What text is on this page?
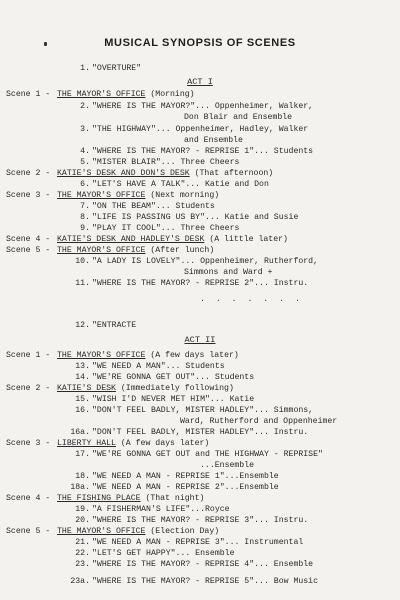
MUSICAL SYNOPSIS OF SCENES
1. "OVERTURE"
ACT I
Scene 1 - THE MAYOR'S OFFICE (Morning)
2. "WHERE IS THE MAYOR?"... Oppenheimer, Walker,
Don Blair and Ensemble
3. "THE HIGHWAY"... Oppenheimer, Hadley, Walker
and Ensemble
4. "WHERE IS THE MAYOR? - REPRISE 1"... Students
5. "MISTER BLAIR"... Three Cheers
Scene 2 - KATIE'S DESK AND DON'S DESK (That afternoon)
6. "LET'S HAVE A TALK"... Katie and Don
Scene 3 - THE MAYOR'S OFFICE (Next morning)
7. "ON THE BEAM"... Students
8. "LIFE IS PASSING US BY"... Katie and Susie
9. "PLAY IT COOL"... Three Cheers
Scene 4 - KATIE'S DESK AND HADLEY'S DESK (A little later)
Scene 5 - THE MAYOR'S OFFICE (After lunch)
10. "A LADY IS LOVELY"... Oppenheimer, Rutherford,
Simmons and Ward +
11. "WHERE IS THE MAYOR? - REPRISE 2"... Instru.
. . . . . . .
12. "ENTRACTE
ACT II
Scene 1 - THE MAYOR'S OFFICE (A few days later)
13. "WE NEED A MAN"... Students
14. "WE'RE GONNA GET OUT"... Students
Scene 2 - KATIE'S DESK (Immediately following)
15. "WISH I'D NEVER MET HIM"... Katie
16. "DON'T FEEL BADLY, MISTER HADLEY"... Simmons,
Ward, Rutherford and Oppenheimer
16a. "DON'T FEEL BADLY, MISTER HADLEY"... Instru.
Scene 3 - LIBERTY HALL (A few days later)
17. "WE'RE GONNA GET OUT and THE HIGHWAY - REPRISE"
...Ensemble
18. "WE NEED A MAN - REPRISE 1"...Ensemble
18a. "WE NEED A MAN - REPRISE 2"...Ensemble
Scene 4 - THE FISHING PLACE (That night)
19. "A FISHERMAN'S LIFE"...Royce
20. "WHERE IS THE MAYOR? - REPRISE 3"... Instru.
Scene 5 - THE MAYOR'S OFFICE (Election Day)
21. "WE NEED A MAN - REPRISE 3"... Instrumental
22. "LET'S GET HAPPY"... Ensemble
23. "WHERE IS THE MAYOR? - REPRISE 4"... Ensemble
23a. "WHERE IS THE MAYOR? - REPRISE 5"... Bow Music
